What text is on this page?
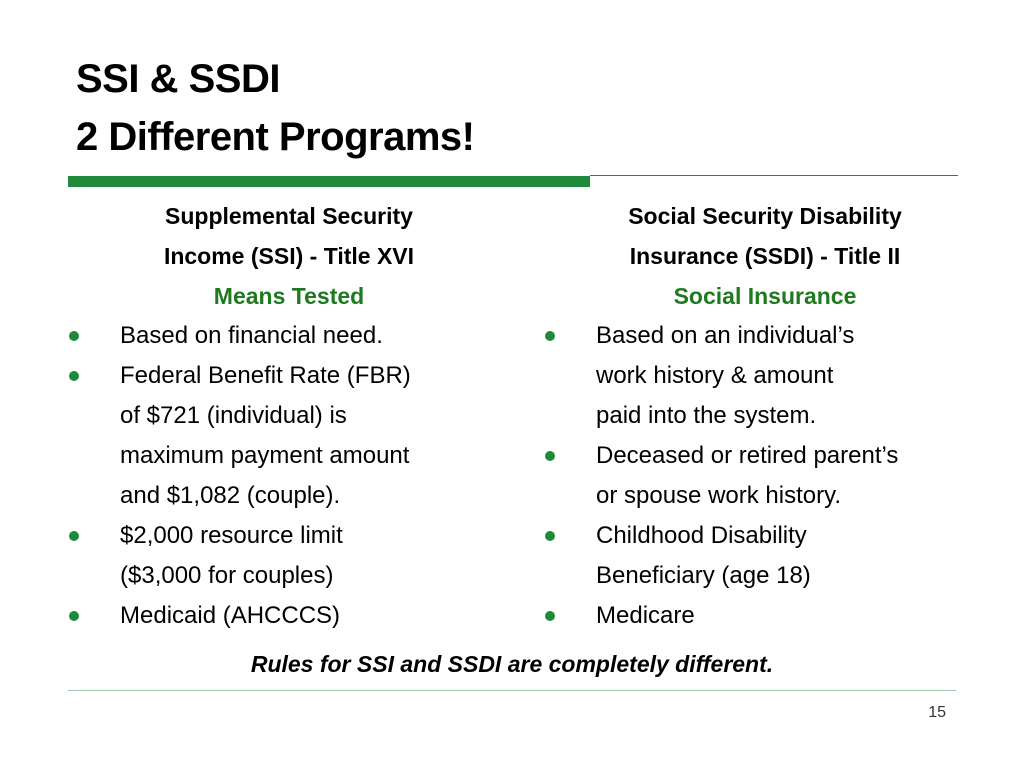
SSI & SSDI
2 Different Programs!
Supplemental Security
Income (SSI) - Title XVI
Means Tested
Based on financial need.
Federal Benefit Rate (FBR)
of $721 (individual) is
maximum payment amount
and $1,082 (couple).
$2,000 resource limit
($3,000 for couples)
Medicaid (AHCCCS)
Social Security Disability
Insurance (SSDI) - Title II
Social Insurance
Based on an individual’s
work history & amount
paid into the system.
Deceased or retired parent’s
or spouse work history.
Childhood Disability
Beneficiary (age 18)
Medicare
Rules for SSI and SSDI are completely different.
15
